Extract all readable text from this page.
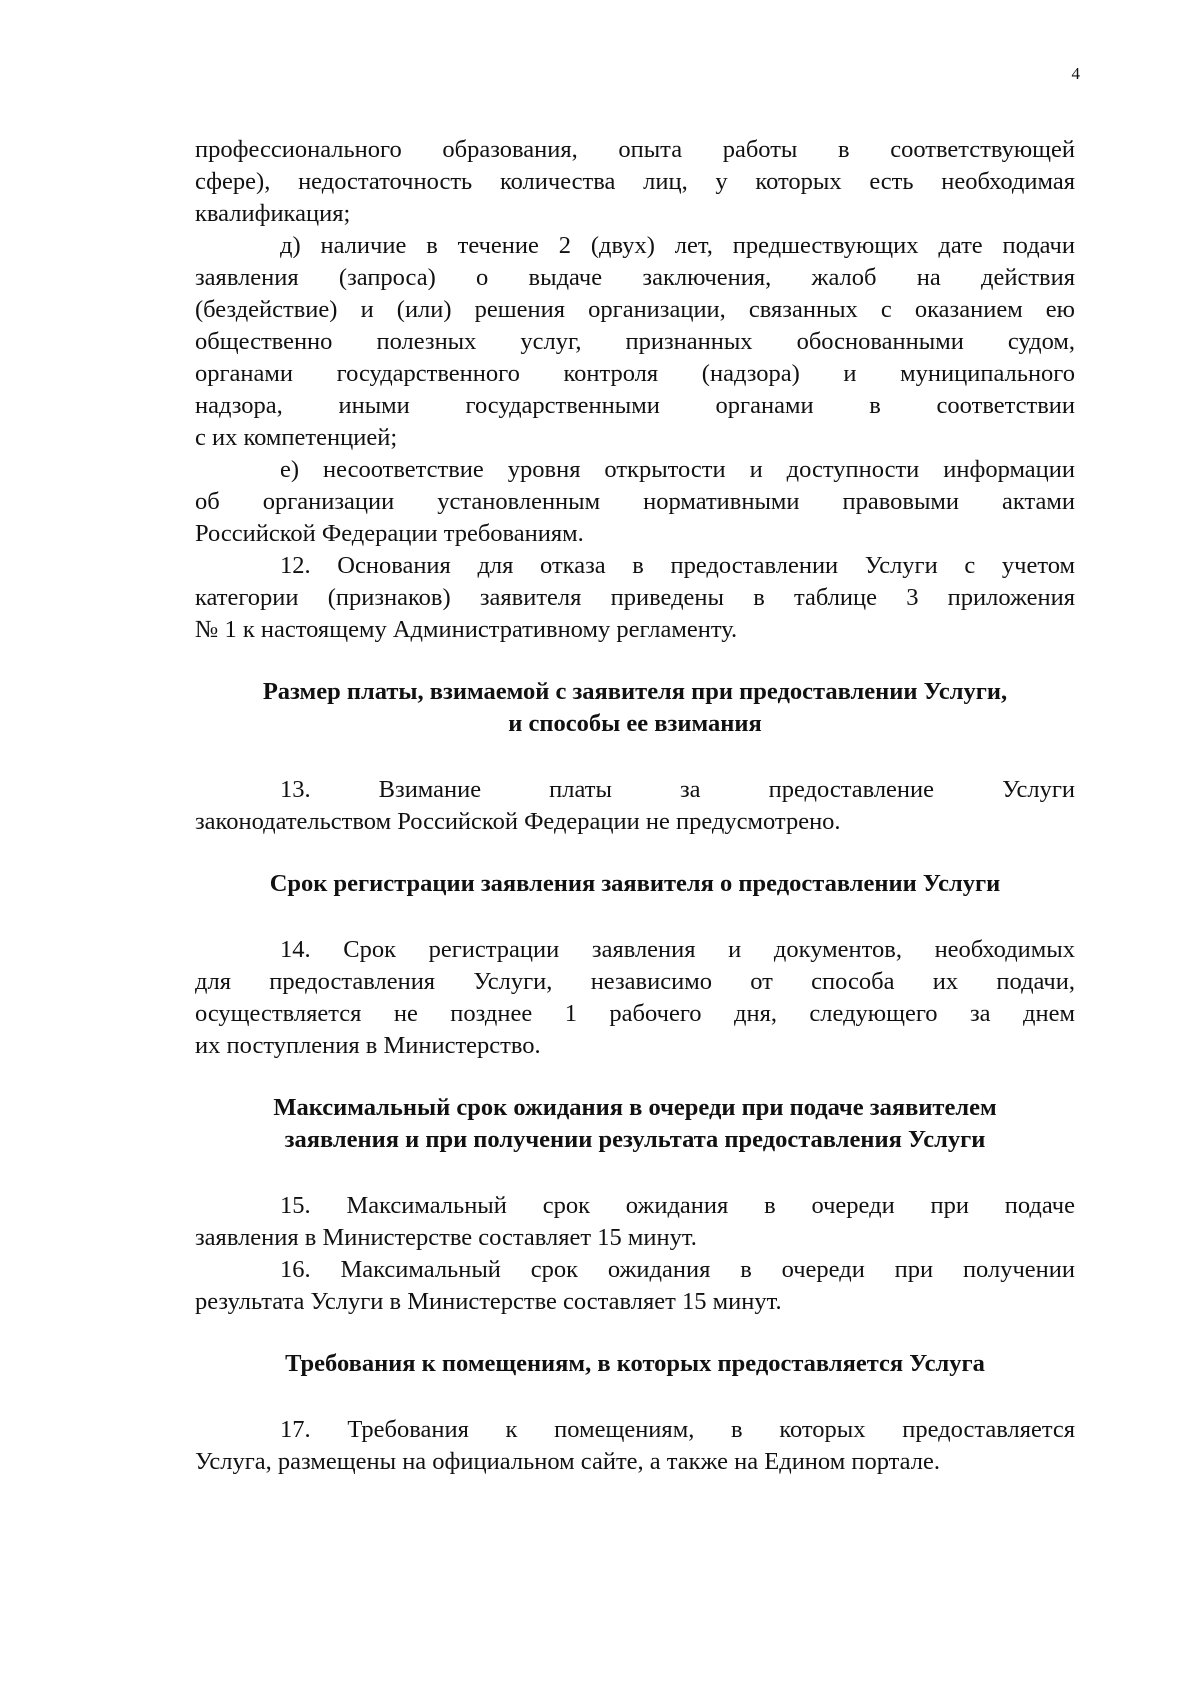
4
профессионального образования, опыта работы в соответствующей
сфере), недостаточность количества лиц, у которых есть необходимая
квалификация;
д) наличие в течение 2 (двух) лет, предшествующих дате подачи
заявления (запроса) о выдаче заключения, жалоб на действия
(бездействие) и (или) решения организации, связанных с оказанием ею
общественно полезных услуг, признанных обоснованными судом,
органами государственного контроля (надзора) и муниципального
надзора, иными государственными органами в соответствии
с их компетенцией;
е) несоответствие уровня открытости и доступности информации
об организации установленным нормативными правовыми актами
Российской Федерации требованиям.
12. Основания для отказа в предоставлении Услуги с учетом
категории (признаков) заявителя приведены в таблице 3 приложения
№ 1 к настоящему Административному регламенту.
Размер платы, взимаемой с заявителя при предоставлении Услуги,
и способы ее взимания
13. Взимание платы за предоставление Услуги
законодательством Российской Федерации не предусмотрено.
Срок регистрации заявления заявителя о предоставлении Услуги
14. Срок регистрации заявления и документов, необходимых
для предоставления Услуги, независимо от способа их подачи,
осуществляется не позднее 1 рабочего дня, следующего за днем
их поступления в Министерство.
Максимальный срок ожидания в очереди при подаче заявителем
заявления и при получении результата предоставления Услуги
15. Максимальный срок ожидания в очереди при подаче
заявления в Министерстве составляет 15 минут.
16. Максимальный срок ожидания в очереди при получении
результата Услуги в Министерстве составляет 15 минут.
Требования к помещениям, в которых предоставляется Услуга
17. Требования к помещениям, в которых предоставляется
Услуга, размещены на официальном сайте, а также на Едином портале.
